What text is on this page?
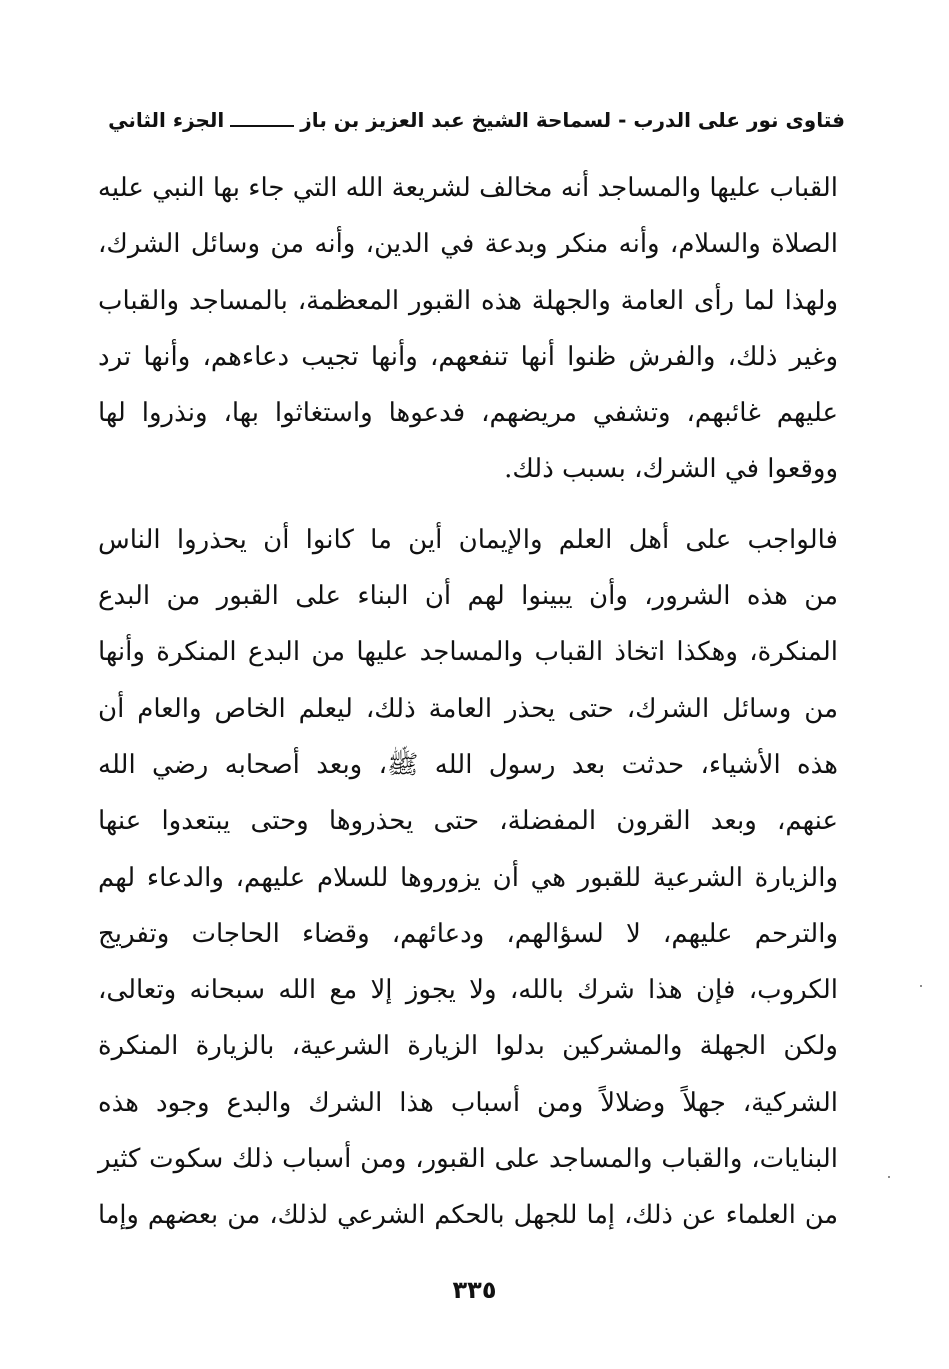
فتاوى نور على الدرب - لسماحة الشيخ عبد العزيز بن باز
الجزء الثاني
القباب عليها والمساجد أنه مخالف لشريعة الله التي جاء بها النبي عليه
الصلاة والسلام، وأنه منكر وبدعة في الدين، وأنه من وسائل الشرك،
ولهذا لما رأى العامة والجهلة هذه القبور المعظمة، بالمساجد والقباب
وغير ذلك، والفرش ظنوا أنها تنفعهم، وأنها تجيب دعاءهم، وأنها ترد
عليهم غائبهم، وتشفي مريضهم، فدعوها واستغاثوا بها، ونذروا لها
ووقعوا في الشرك، بسبب ذلك.
فالواجب على أهل العلم والإيمان أين ما كانوا أن يحذروا الناس
من هذه الشرور، وأن يبينوا لهم أن البناء على القبور من البدع
المنكرة، وهكذا اتخاذ القباب والمساجد عليها من البدع المنكرة وأنها
من وسائل الشرك، حتى يحذر العامة ذلك، ليعلم الخاص والعام أن
هذه الأشياء، حدثت بعد رسول الله ﷺ، وبعد أصحابه رضي الله
عنهم، وبعد القرون المفضلة، حتى يحذروها وحتى يبتعدوا عنها
والزيارة الشرعية للقبور هي أن يزوروها للسلام عليهم، والدعاء لهم
والترحم عليهم، لا لسؤالهم، ودعائهم، وقضاء الحاجات وتفريج
الكروب، فإن هذا شرك بالله، ولا يجوز إلا مع الله سبحانه وتعالى،
ولكن الجهلة والمشركين بدلوا الزيارة الشرعية، بالزيارة المنكرة
الشركية، جهلاً وضلالاً ومن أسباب هذا الشرك والبدع وجود هذه
البنايات، والقباب والمساجد على القبور، ومن أسباب ذلك سكوت كثير
من العلماء عن ذلك، إما للجهل بالحكم الشرعي لذلك، من بعضهم وإما
٣٣٥
